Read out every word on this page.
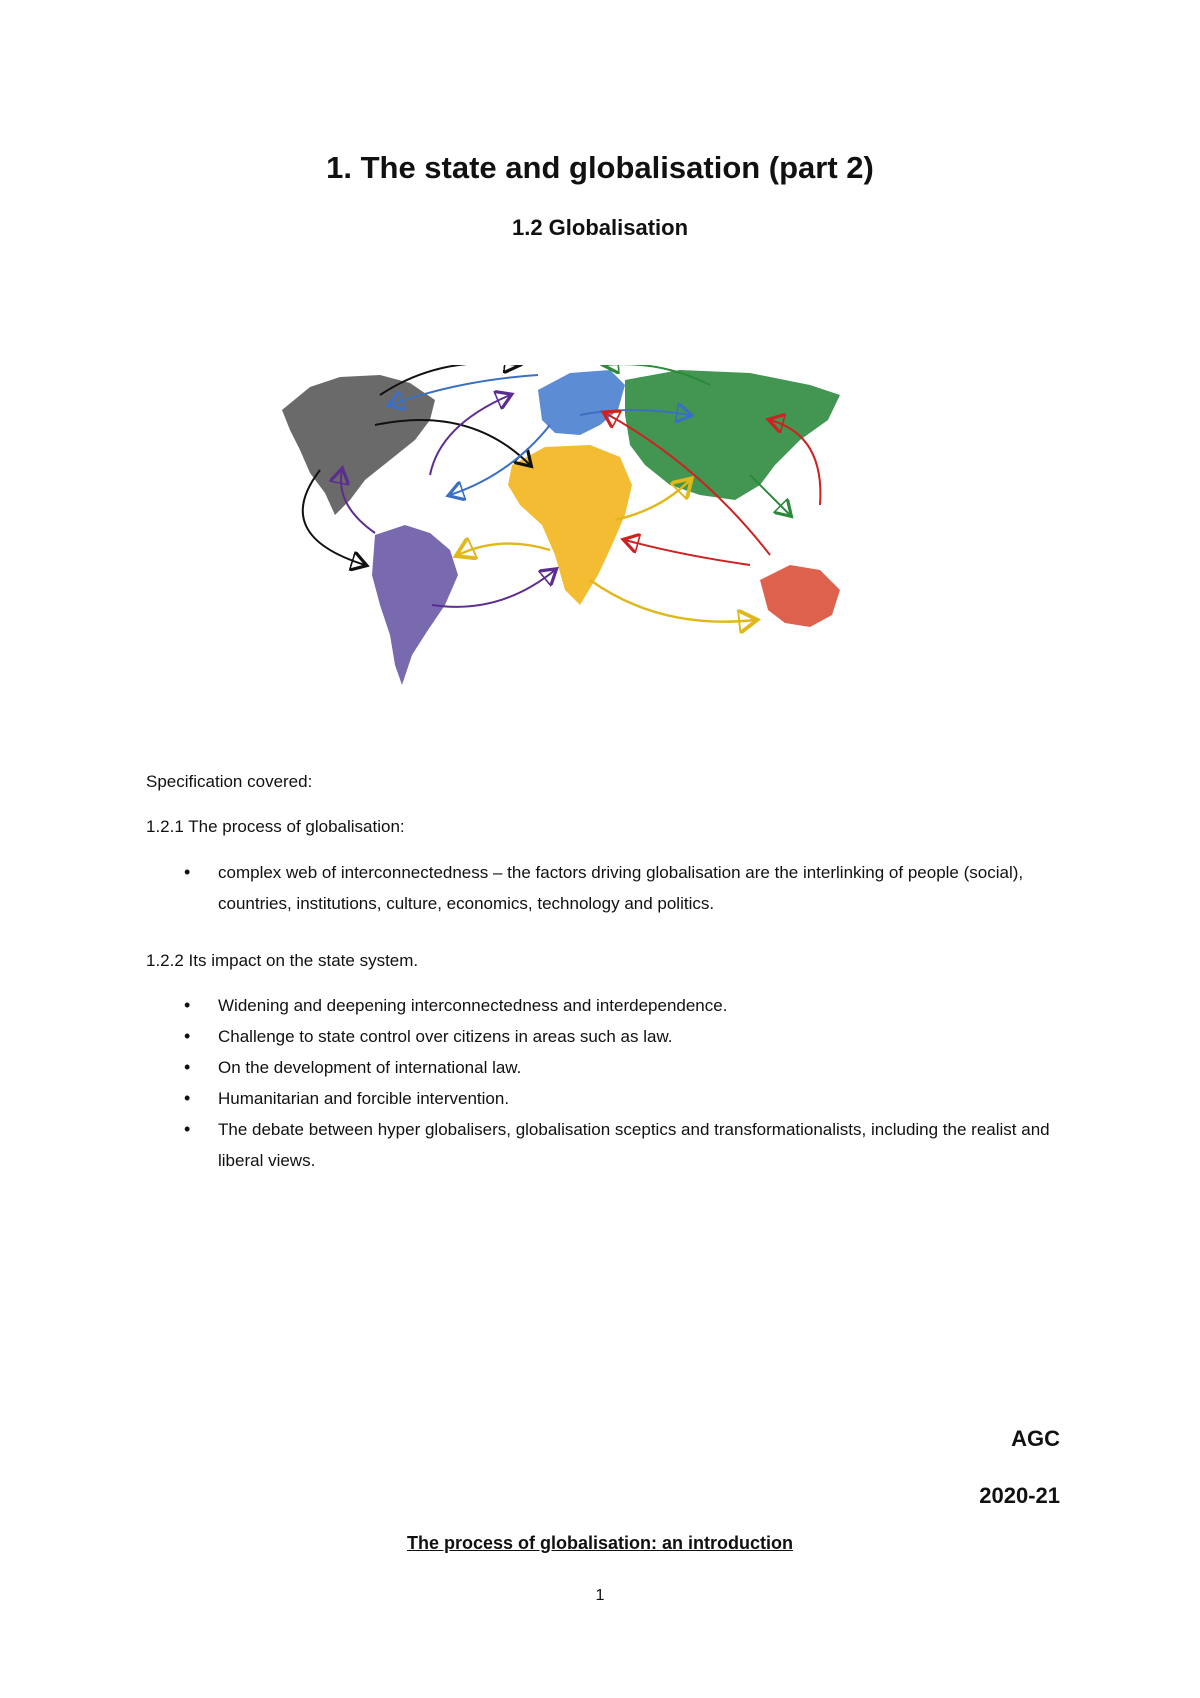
1. The state and globalisation (part 2)
1.2 Globalisation
Specification covered:
1.2.1 The process of globalisation:
• complex web of interconnectedness – the factors driving globalisation are the interlinking of people (social), countries, institutions, culture, economics, technology and politics.
1.2.2 Its impact on the state system.
• Widening and deepening interconnectedness and interdependence.
• Challenge to state control over citizens in areas such as law.
• On the development of international law.
• Humanitarian and forcible intervention.
• The debate between hyper globalisers, globalisation sceptics and transformationalists, including the realist and liberal views.
AGC
2020-21
The process of globalisation: an introduction
1
